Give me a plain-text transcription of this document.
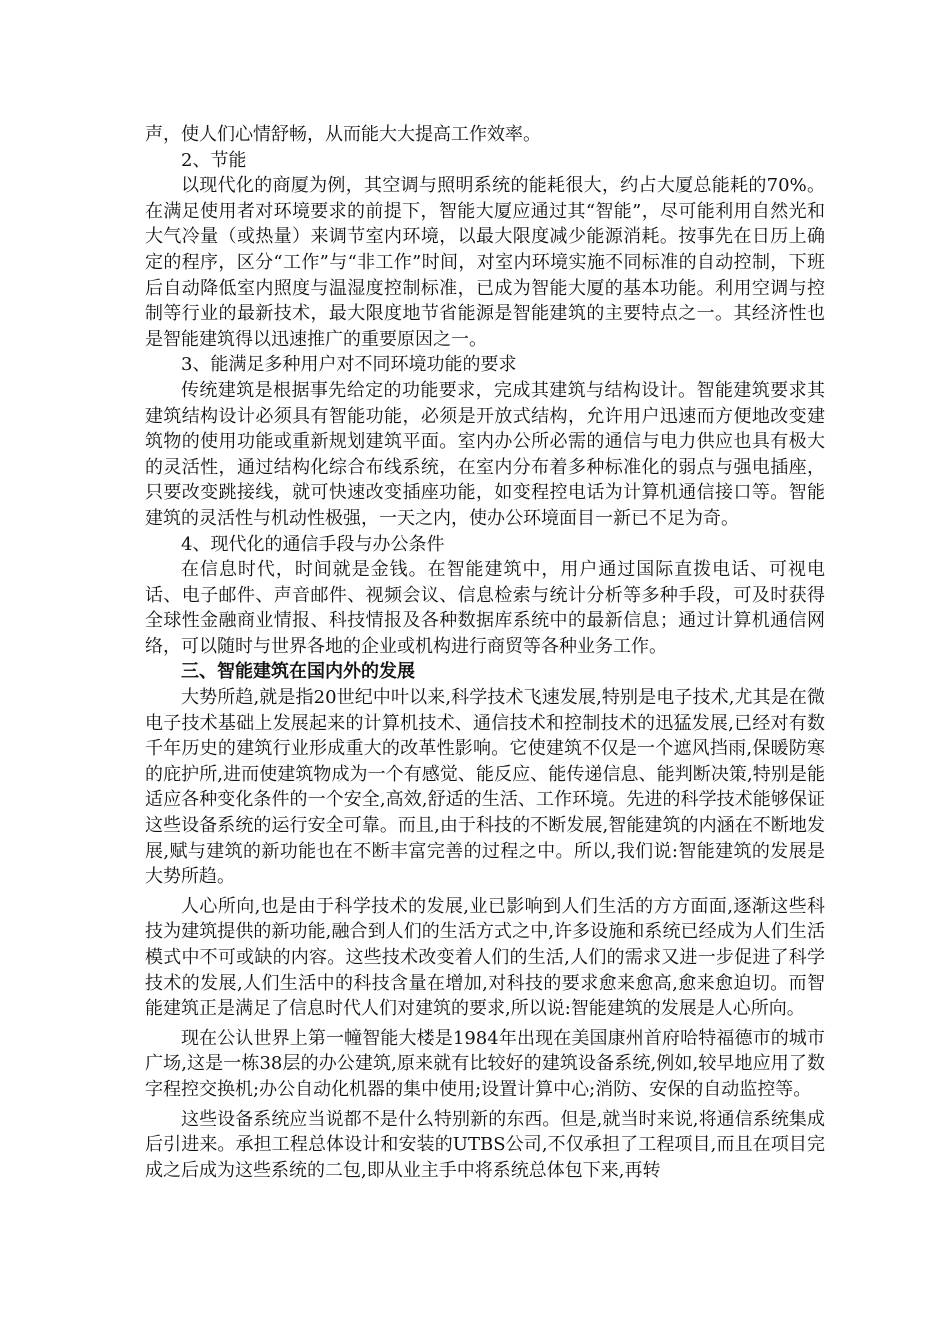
声，使人们心情舒畅，从而能大大提高工作效率。

2、节能

以现代化的商厦为例，其空调与照明系统的能耗很大，约占大厦总能耗的70%。在满足使用者对环境要求的前提下，智能大厦应通过其“智能”，尽可能利用自然光和大气冷量（或热量）来调节室内环境，以最大限度减少能源消耗。按事先在日历上确定的程序，区分“工作”与“非工作”时间，对室内环境实施不同标准的自动控制，下班后自动降低室内照度与温湿度控制标准，已成为智能大厦的基本功能。利用空调与控制等行业的最新技术，最大限度地节省能源是智能建筑的主要特点之一。其经济性也是智能建筑得以迅速推广的重要原因之一。

3、能满足多种用户对不同环境功能的要求

传统建筑是根据事先给定的功能要求，完成其建筑与结构设计。智能建筑要求其建筑结构设计必须具有智能功能，必须是开放式结构，允许用户迅速而方便地改变建筑物的使用功能或重新规划建筑平面。室内办公所必需的通信与电力供应也具有极大的灵活性，通过结构化综合布线系统，在室内分布着多种标准化的弱点与强电插座，只要改变跳接线，就可快速改变插座功能，如变程控电话为计算机通信接口等。智能建筑的灵活性与机动性极强，一天之内，使办公环境面目一新已不足为奇。

4、现代化的通信手段与办公条件

在信息时代，时间就是金钱。在智能建筑中，用户通过国际直拨电话、可视电话、电子邮件、声音邮件、视频会议、信息检索与统计分析等多种手段，可及时获得全球性金融商业情报、科技情报及各种数据库系统中的最新信息；通过计算机通信网络，可以随时与世界各地的企业或机构进行商贸等各种业务工作。

三、智能建筑在国内外的发展

大势所趋,就是指20世纪中叶以来,科学技术飞速发展,特别是电子技术,尤其是在微电子技术基础上发展起来的计算机技术、通信技术和控制技术的迅猛发展,已经对有数千年历史的建筑行业形成重大的改革性影响。它使建筑不仅是一个遮风挡雨,保暖防寒的庇护所,进而使建筑物成为一个有感觉、能反应、能传递信息、能判断决策,特别是能适应各种变化条件的一个安全,高效,舒适的生活、工作环境。先进的科学技术能够保证这些设备系统的运行安全可靠。而且,由于科技的不断发展,智能建筑的内涵在不断地发展,赋与建筑的新功能也在不断丰富完善的过程之中。所以,我们说:智能建筑的发展是大势所趋。

人心所向,也是由于科学技术的发展,业已影响到人们生活的方方面面,逐渐这些科技为建筑提供的新功能,融合到人们的生活方式之中,许多设施和系统已经成为人们生活模式中不可或缺的内容。这些技术改变着人们的生活,人们的需求又进一步促进了科学技术的发展,人们生活中的科技含量在增加,对科技的要求愈来愈高,愈来愈迫切。而智能建筑正是满足了信息时代人们对建筑的要求,所以说:智能建筑的发展是人心所向。

现在公认世界上第一幢智能大楼是1984年出现在美国康州首府哈特福德市的城市广场,这是一栋38层的办公建筑,原来就有比较好的建筑设备系统,例如,较早地应用了数字程控交换机;办公自动化机器的集中使用;设置计算中心;消防、安保的自动监控等。

这些设备系统应当说都不是什么特别新的东西。但是,就当时来说,将通信系统集成后引进来。承担工程总体设计和安装的UTBS公司,不仅承担了工程项目,而且在项目完成之后成为这些系统的二包,即从业主手中将系统总体包下来,再转
